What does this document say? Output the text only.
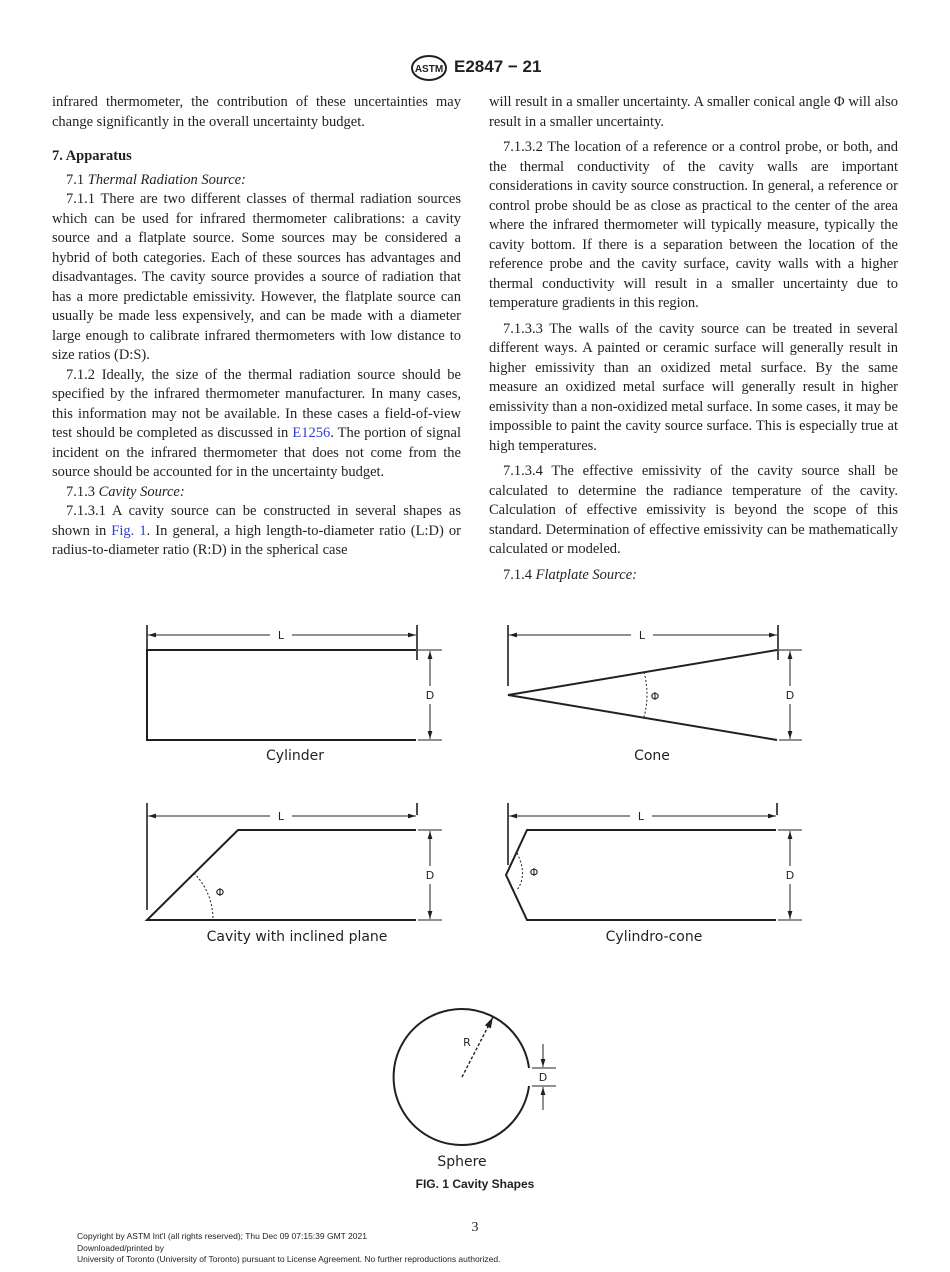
ASTM E2847 − 21

infrared thermometer, the contribution of these uncertainties may change significantly in the overall uncertainty budget.

7. Apparatus

7.1 Thermal Radiation Source:

7.1.1 There are two different classes of thermal radiation sources which can be used for infrared thermometer calibrations: a cavity source and a flatplate source. Some sources may be considered a hybrid of both categories. Each of these sources has advantages and disadvantages. The cavity source provides a source of radiation that has a more predictable emissivity. However, the flatplate source can usually be made less expensively, and can be made with a diameter large enough to calibrate infrared thermometers with low distance to size ratios (D:S).

7.1.2 Ideally, the size of the thermal radiation source should be specified by the infrared thermometer manufacturer. In many cases, this information may not be available. In these cases a field-of-view test should be completed as discussed in E1256. The portion of signal incident on the infrared thermometer that does not come from the source should be accounted for in the uncertainty budget.

7.1.3 Cavity Source:

7.1.3.1 A cavity source can be constructed in several shapes as shown in Fig. 1. In general, a high length-to-diameter ratio (L:D) or radius-to-diameter ratio (R:D) in the spherical case

will result in a smaller uncertainty. A smaller conical angle Φ will also result in a smaller uncertainty.

7.1.3.2 The location of a reference or a control probe, or both, and the thermal conductivity of the cavity walls are important considerations in cavity source construction. In general, a reference or control probe should be as close as practical to the center of the area where the infrared thermometer will typically measure, typically the cavity bottom. If there is a separation between the location of the reference probe and the cavity surface, cavity walls with a higher thermal conductivity will result in a smaller uncertainty due to temperature gradients in this region.

7.1.3.3 The walls of the cavity source can be treated in several different ways. A painted or ceramic surface will generally result in higher emissivity than an oxidized metal surface. By the same measure an oxidized metal surface will generally result in higher emissivity than a non-oxidized metal surface. In some cases, it may be impossible to paint the cavity source surface. This is especially true at high temperatures.

7.1.3.4 The effective emissivity of the cavity source shall be calculated to determine the radiance temperature of the cavity. Calculation of effective emissivity is beyond the scope of this standard. Determination of effective emissivity can be mathematically calculated or modeled.

7.1.4 Flatplate Source:

L
D
Cylinder
L
Φ	D
Cone
L
Φ
D
Cavity with inclined plane
L
Φ	D
Cylindro-cone
R
D
Sphere
FIG. 1 Cavity Shapes
3
Copyright by ASTM Int'l (all rights reserved); Thu Dec 09 07:15:39 GMT 2021
Downloaded/printed by
University of Toronto (University of Toronto) pursuant to License Agreement. No further reproductions authorized.
